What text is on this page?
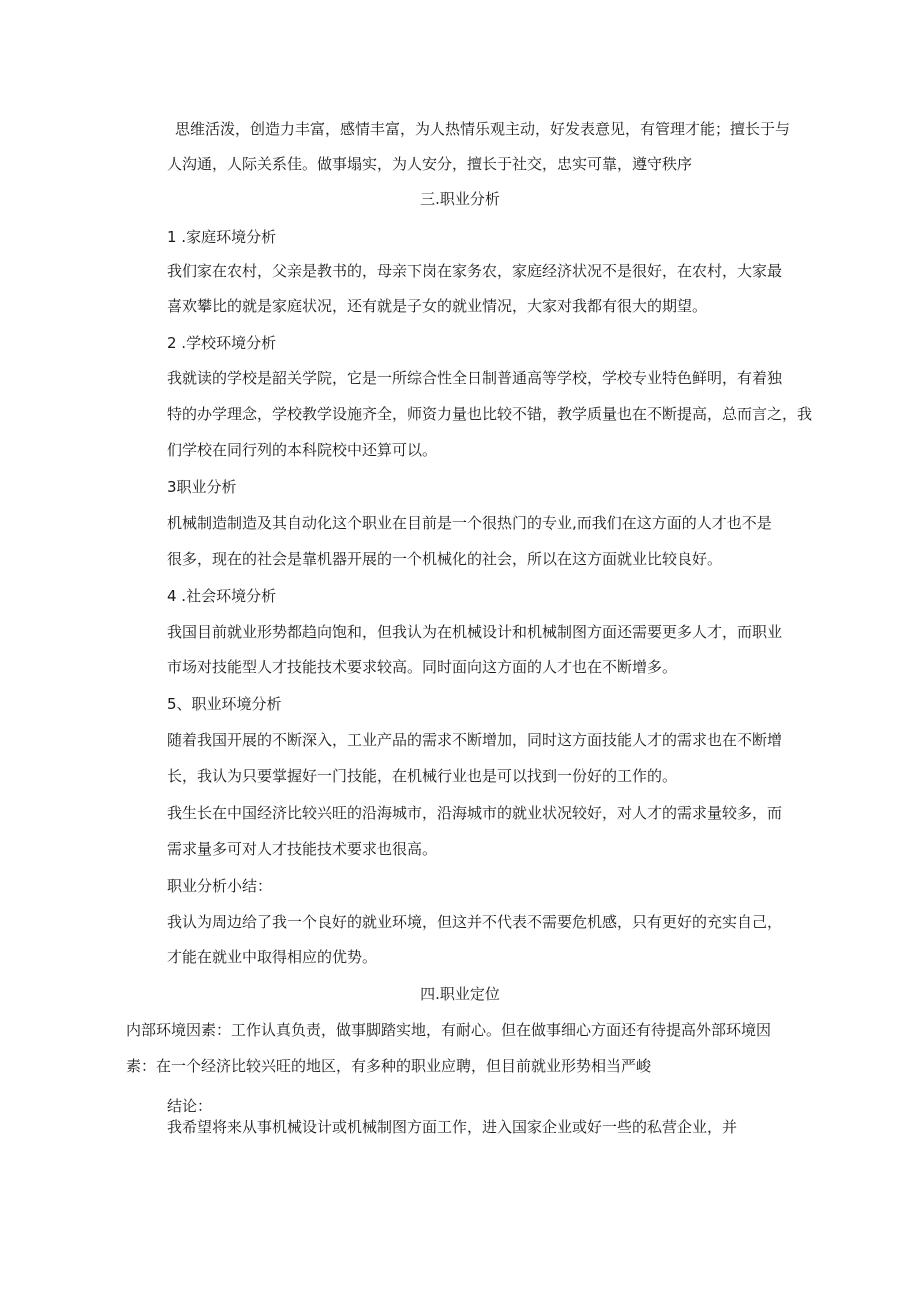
思维活泼，创造力丰富，感情丰富，为人热情乐观主动，好发表意见，有管理才能；擅长于与
人沟通，人际关系佳。做事塌实，为人安分，擅长于社交，忠实可靠，遵守秩序
三.职业分析
1 .家庭环境分析
我们家在农村，父亲是教书的，母亲下岗在家务农，家庭经济状况不是很好，在农村，大家最
喜欢攀比的就是家庭状况，还有就是子女的就业情况，大家对我都有很大的期望。
2 .学校环境分析
我就读的学校是韶关学院，它是一所综合性全日制普通高等学校，学校专业特色鲜明，有着独
特的办学理念，学校教学设施齐全，师资力量也比较不错，教学质量也在不断提高，总而言之，我
们学校在同行列的本科院校中还算可以。
3职业分析
机械制造制造及其自动化这个职业在目前是一个很热门的专业,而我们在这方面的人才也不是
很多，现在的社会是靠机器开展的一个机械化的社会，所以在这方面就业比较良好。
4 .社会环境分析
我国目前就业形势都趋向饱和，但我认为在机械设计和机械制图方面还需要更多人才，而职业
市场对技能型人才技能技术要求较高。同时面向这方面的人才也在不断增多。
5、职业环境分析
随着我国开展的不断深入，工业产品的需求不断增加，同时这方面技能人才的需求也在不断增
长，我认为只要掌握好一门技能，在机械行业也是可以找到一份好的工作的。
我生长在中国经济比较兴旺的沿海城市，沿海城市的就业状况较好，对人才的需求量较多，而
需求量多可对人才技能技术要求也很高。
职业分析小结：
我认为周边给了我一个良好的就业环境，但这并不代表不需要危机感，只有更好的充实自己，
才能在就业中取得相应的优势。
四.职业定位
内部环境因素：工作认真负责，做事脚踏实地，有耐心。但在做事细心方面还有待提高外部环境因
素：在一个经济比较兴旺的地区，有多种的职业应聘，但目前就业形势相当严峻
结论：
我希望将来从事机械设计或机械制图方面工作，进入国家企业或好一些的私营企业，并
